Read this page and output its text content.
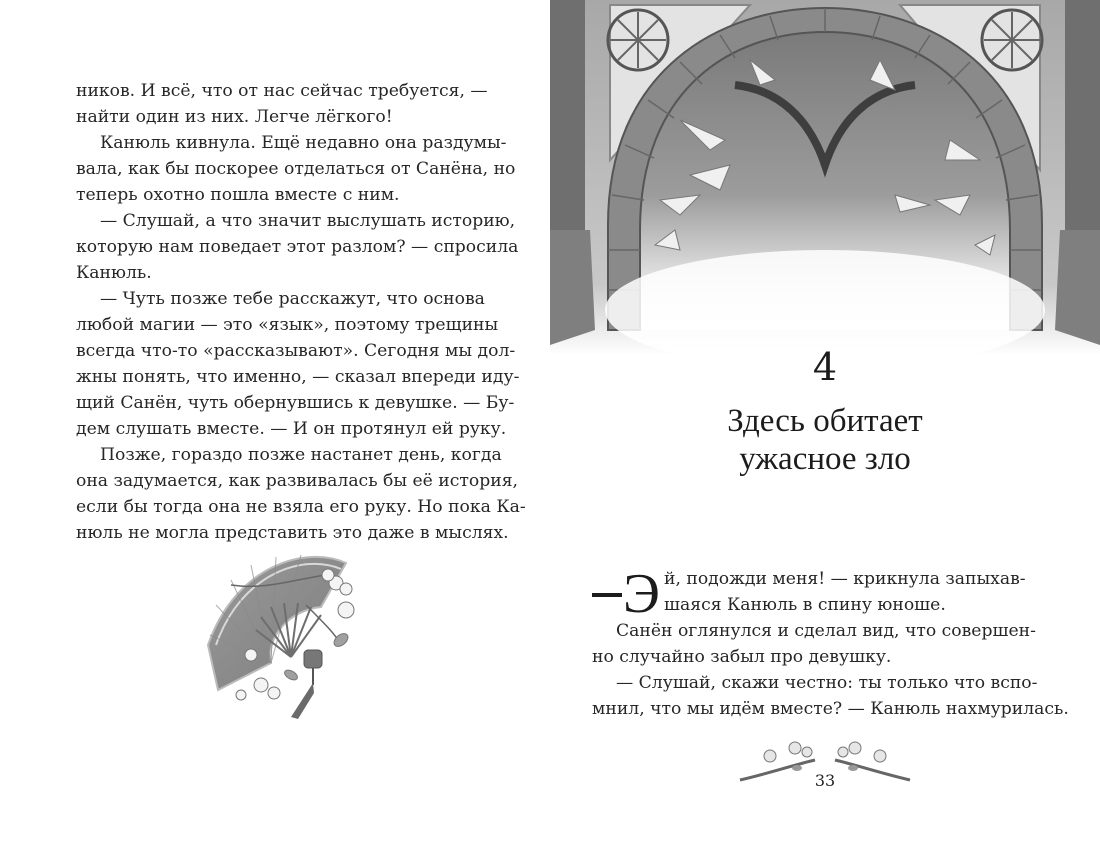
ников. И всё, что от нас сейчас требуется, —
найти один из них. Легче лёгкого!
Канюль кивнула. Ещё недавно она раздумы-
вала, как бы поскорее отделаться от Санёна, но
теперь охотно пошла вместе с ним.
— Слушай, а что значит выслушать историю,
которую нам поведает этот разлом? — спросила
Канюль.
— Чуть позже тебе расскажут, что основа
любой магии — это «язык», поэтому трещины
всегда что-то «рассказывают». Сегодня мы дол-
жны понять, что именно, — сказал впереди иду-
щий Санён, чуть обернувшись к девушке. — Бу-
дем слушать вместе. — И он протянул ей руку.
Позже, гораздо позже настанет день, когда
она задумается, как развивалась бы её история,
если бы тогда она не взяла его руку. Но пока Ка-
нюль не могла представить это даже в мыслях.
4
Здесь обитает
ужасное зло
Э й, подожди меня! — крикнула запыхав-
шаяся Канюль в спину юноше.
Санён оглянулся и сделал вид, что совершен-
но случайно забыл про девушку.
— Слушай, скажи честно: ты только что вспо-
мнил, что мы идём вместе? — Канюль нахмурилась.
33
